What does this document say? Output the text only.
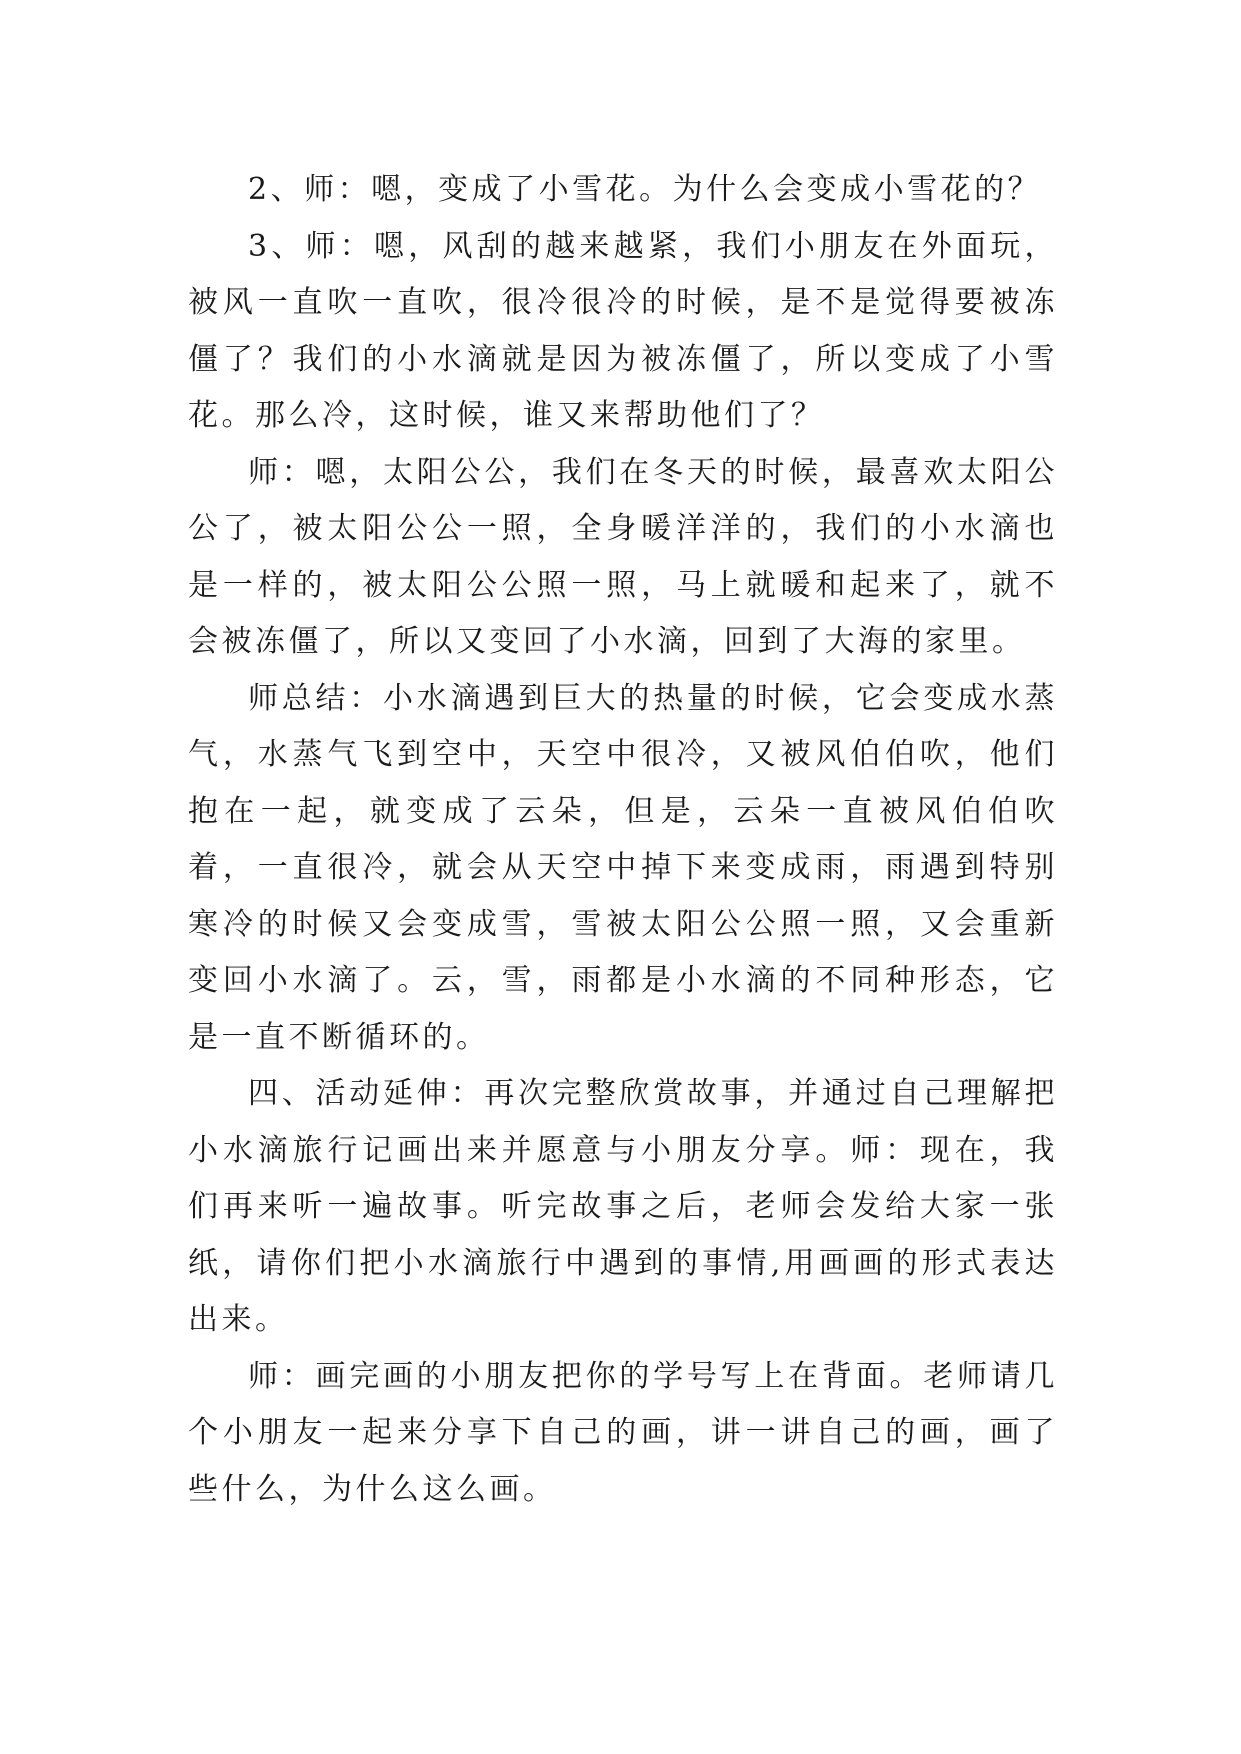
2、师：嗯，变成了小雪花。为什么会变成小雪花的？

3、师：嗯，风刮的越来越紧，我们小朋友在外面玩，被风一直吹一直吹，很冷很冷的时候，是不是觉得要被冻僵了？我们的小水滴就是因为被冻僵了，所以变成了小雪花。那么冷，这时候，谁又来帮助他们了？

师：嗯，太阳公公，我们在冬天的时候，最喜欢太阳公公了，被太阳公公一照，全身暖洋洋的，我们的小水滴也是一样的，被太阳公公照一照，马上就暖和起来了，就不会被冻僵了，所以又变回了小水滴，回到了大海的家里。

师总结：小水滴遇到巨大的热量的时候，它会变成水蒸气，水蒸气飞到空中，天空中很冷，又被风伯伯吹，他们抱在一起，就变成了云朵，但是，云朵一直被风伯伯吹着，一直很冷，就会从天空中掉下来变成雨，雨遇到特别寒冷的时候又会变成雪，雪被太阳公公照一照，又会重新变回小水滴了。云，雪，雨都是小水滴的不同种形态，它是一直不断循环的。

四、活动延伸：再次完整欣赏故事，并通过自己理解把小水滴旅行记画出来并愿意与小朋友分享。师：现在，我们再来听一遍故事。听完故事之后，老师会发给大家一张纸，请你们把小水滴旅行中遇到的事情,用画画的形式表达出来。

师：画完画的小朋友把你的学号写上在背面。老师请几个小朋友一起来分享下自己的画，讲一讲自己的画，画了些什么，为什么这么画。
